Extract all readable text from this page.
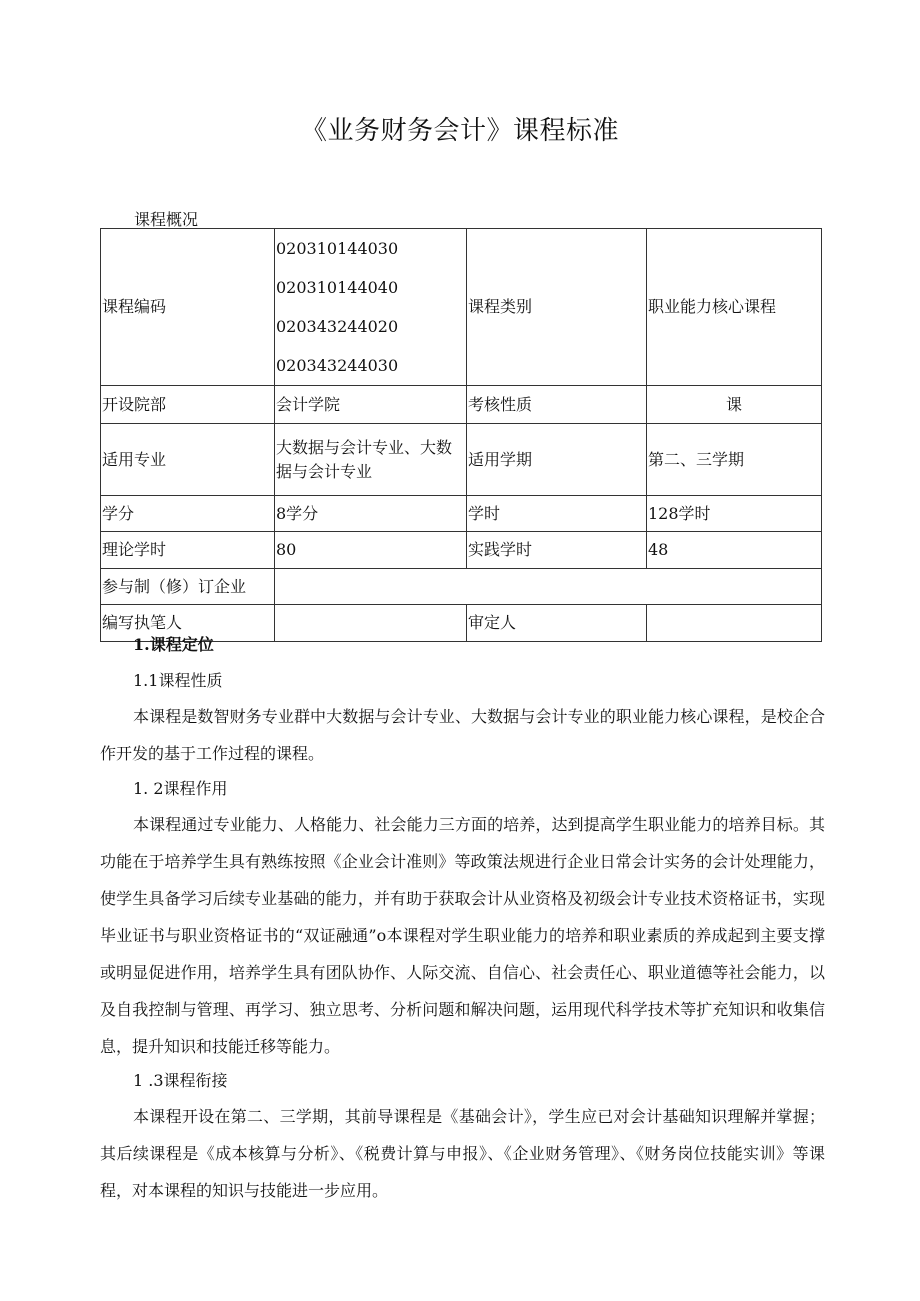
《业务财务会计》课程标准
课程概况
课程编码	020310144030
020310144040
020343244020
020343244030	课程类别	职业能力核心课程
开设院部	会计学院	考核性质	课
适用专业	大数据与会计专业、大数据与会计专业	适用学期	第二、三学期
学分	8学分	学时	128学时
理论学时	80	实践学时	48
参与制（修）订企业			
编写执笔人		审定人	
1.课程定位
1.1课程性质
本课程是数智财务专业群中大数据与会计专业、大数据与会计专业的职业能力核心课程，是校企合作开发的基于工作过程的课程。
1. 2课程作用
本课程通过专业能力、人格能力、社会能力三方面的培养，达到提高学生职业能力的培养目标。其功能在于培养学生具有熟练按照《企业会计准则》等政策法规进行企业日常会计实务的会计处理能力，使学生具备学习后续专业基础的能力，并有助于获取会计从业资格及初级会计专业技术资格证书，实现毕业证书与职业资格证书的“双证融通”o本课程对学生职业能力的培养和职业素质的养成起到主要支撑或明显促进作用，培养学生具有团队协作、人际交流、自信心、社会责任心、职业道德等社会能力，以及自我控制与管理、再学习、独立思考、分析问题和解决问题，运用现代科学技术等扩充知识和收集信息，提升知识和技能迁移等能力。
1 .3课程衔接
本课程开设在第二、三学期，其前导课程是《基础会计》，学生应已对会计基础知识理解并掌握；其后续课程是《成本核算与分析》、《税费计算与申报》、《企业财务管理》、《财务岗位技能实训》等课程，对本课程的知识与技能进一步应用。
